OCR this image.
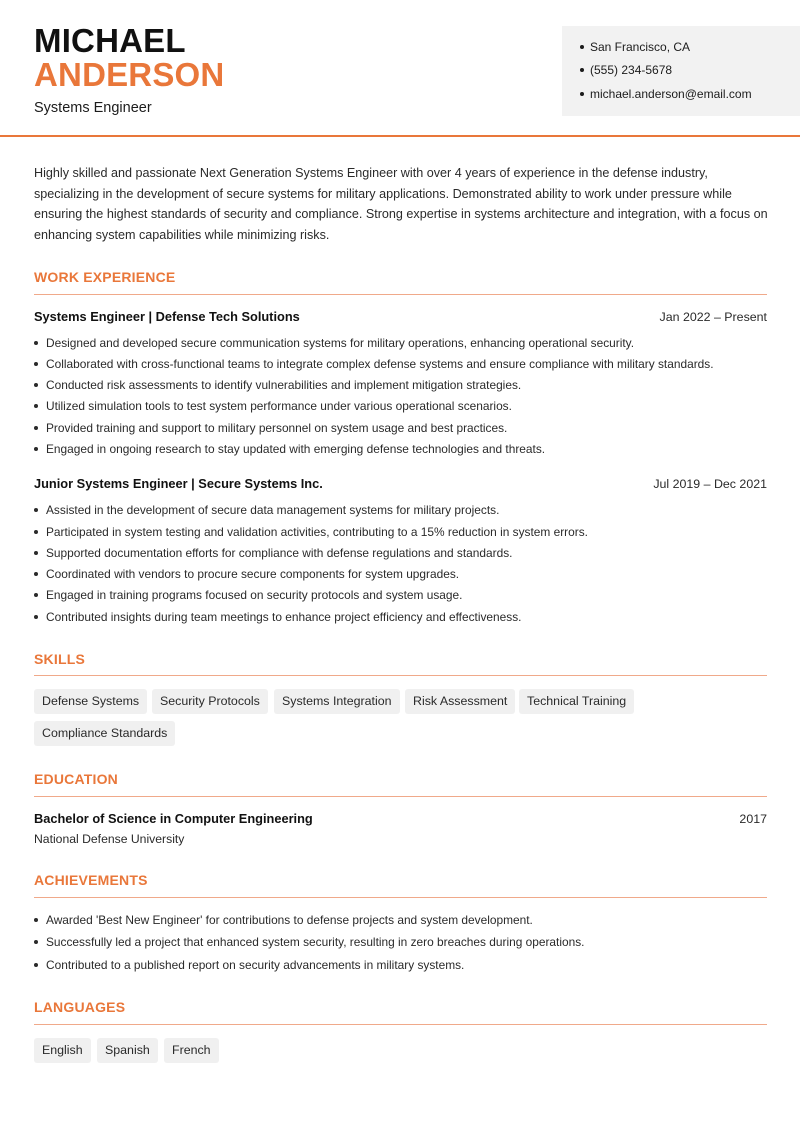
MICHAEL
ANDERSON
Systems Engineer
San Francisco, CA
(555) 234-5678
michael.anderson@email.com
Highly skilled and passionate Next Generation Systems Engineer with over 4 years of experience in the defense industry, specializing in the development of secure systems for military applications. Demonstrated ability to work under pressure while ensuring the highest standards of security and compliance. Strong expertise in systems architecture and integration, with a focus on enhancing system capabilities while minimizing risks.
WORK EXPERIENCE
Systems Engineer | Defense Tech Solutions	Jan 2022 – Present
Designed and developed secure communication systems for military operations, enhancing operational security.
Collaborated with cross-functional teams to integrate complex defense systems and ensure compliance with military standards.
Conducted risk assessments to identify vulnerabilities and implement mitigation strategies.
Utilized simulation tools to test system performance under various operational scenarios.
Provided training and support to military personnel on system usage and best practices.
Engaged in ongoing research to stay updated with emerging defense technologies and threats.
Junior Systems Engineer | Secure Systems Inc.	Jul 2019 – Dec 2021
Assisted in the development of secure data management systems for military projects.
Participated in system testing and validation activities, contributing to a 15% reduction in system errors.
Supported documentation efforts for compliance with defense regulations and standards.
Coordinated with vendors to procure secure components for system upgrades.
Engaged in training programs focused on security protocols and system usage.
Contributed insights during team meetings to enhance project efficiency and effectiveness.
SKILLS
Defense Systems	Security Protocols	Systems Integration	Risk Assessment	Technical Training
Compliance Standards
EDUCATION
Bachelor of Science in Computer Engineering	2017
National Defense University
ACHIEVEMENTS
Awarded 'Best New Engineer' for contributions to defense projects and system development.
Successfully led a project that enhanced system security, resulting in zero breaches during operations.
Contributed to a published report on security advancements in military systems.
LANGUAGES
English	Spanish	French
